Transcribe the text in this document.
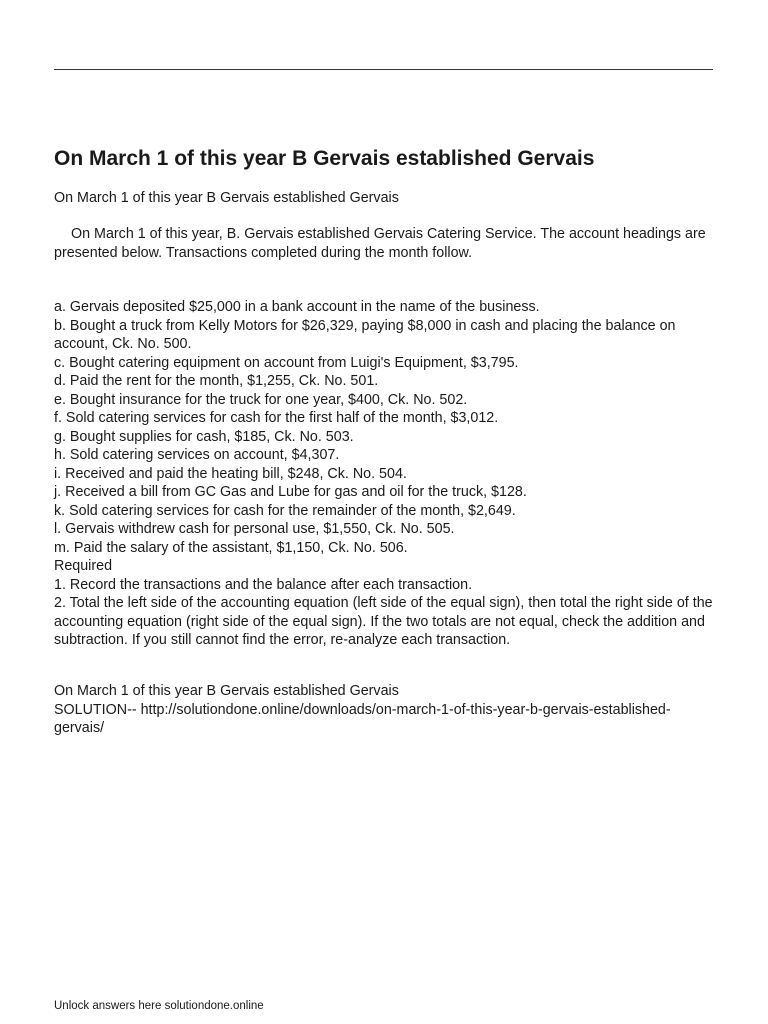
On March 1 of this year B Gervais established Gervais
On March 1 of this year B Gervais established Gervais

On March 1 of this year, B. Gervais established Gervais Catering Service. The account headings are presented below. Transactions completed during the month follow.

a. Gervais deposited $25,000 in a bank account in the name of the business.
b. Bought a truck from Kelly Motors for $26,329, paying $8,000 in cash and placing the balance on account, Ck. No. 500.
c. Bought catering equipment on account from Luigi's Equipment, $3,795.
d. Paid the rent for the month, $1,255, Ck. No. 501.
e. Bought insurance for the truck for one year, $400, Ck. No. 502.
f. Sold catering services for cash for the first half of the month, $3,012.
g. Bought supplies for cash, $185, Ck. No. 503.
h. Sold catering services on account, $4,307.
i. Received and paid the heating bill, $248, Ck. No. 504.
j. Received a bill from GC Gas and Lube for gas and oil for the truck, $128.
k. Sold catering services for cash for the remainder of the month, $2,649.
l. Gervais withdrew cash for personal use, $1,550, Ck. No. 505.
m. Paid the salary of the assistant, $1,150, Ck. No. 506.
Required
1. Record the transactions and the balance after each transaction.
2. Total the left side of the accounting equation (left side of the equal sign), then total the right side of the accounting equation (right side of the equal sign). If the two totals are not equal, check the addition and subtraction. If you still cannot find the error, re-analyze each transaction.
On March 1 of this year B Gervais established Gervais
SOLUTION-- http://solutiondone.online/downloads/on-march-1-of-this-year-b-gervais-established-gervais/
Unlock answers here solutiondone.online
